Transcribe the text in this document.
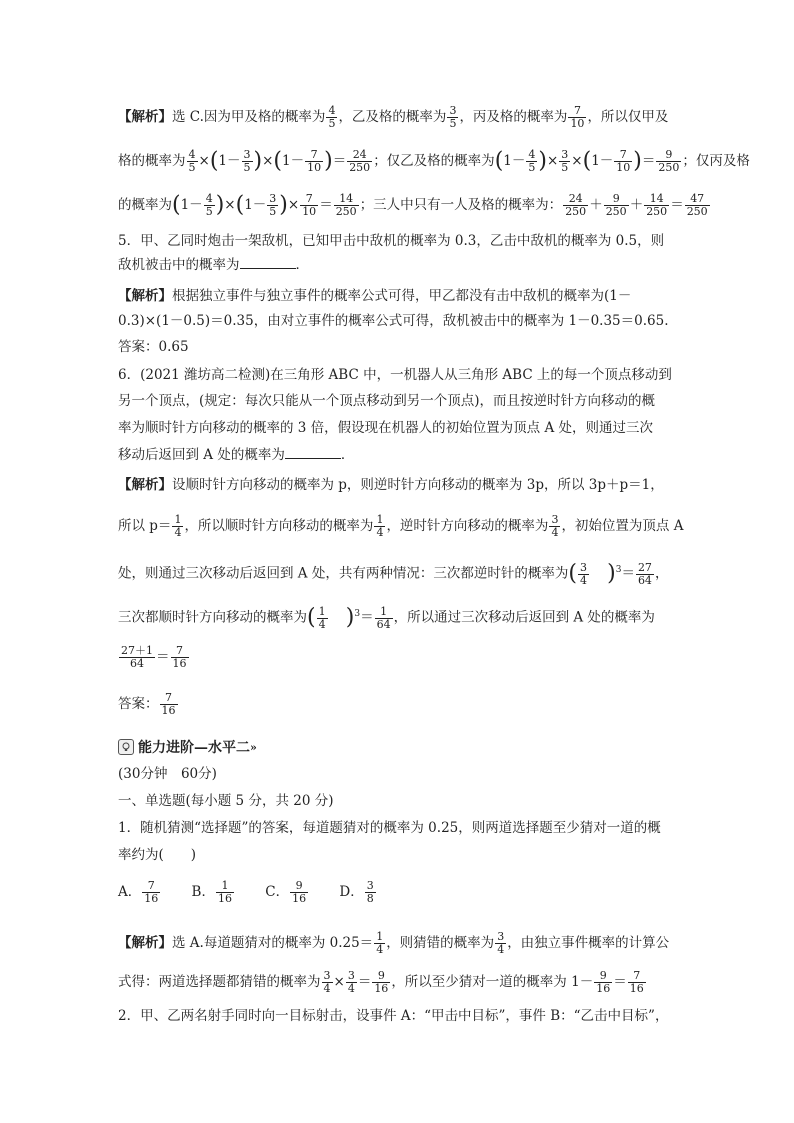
【解析】选 C.因为甲及格的概率为 $\frac{4}{5}$ ，乙及格的概率为 $\frac{3}{5}$ ，丙及格的概率为 $\frac{7}{10}$ ，所以仅甲及
格的概率为 $\frac{4}{5} \times(1- \frac{3}{5} )\times(1- \frac{7}{10}$ )＝ $\frac{24}{250}$ ；仅乙及格的概率为($1- \frac{4}{5}$ )× $\frac{3}{5} \times(1- \frac{7}{10}$ )＝ $\frac{9}{250}$ ；仅丙及格
的概率为$(1- \frac{4}{5} )\times(1- \frac{3}{5}$ )× $\frac{7}{10} = \frac{14}{250}$ ；三人中只有一人及格的概率为： $\frac{24}{250} + \frac{9}{250} + \frac{14}{250} = \frac{47}{250}$
5．甲、乙同时炮击一架敌机，已知甲击中敌机的概率为 0.3，乙击中敌机的概率为 0.5，则
敌机被击中的概率为	．
【解析】根据独立事件与独立事件的概率公式可得，甲乙都没有击中敌机的概率为(1－
0.3)×(1－0.5)＝0.35，由对立事件的概率公式可得，敌机被击中的概率为 1－0.35＝0.65.
答案：0.65
6．(2021 潍坊高二检测)在三角形 ABC 中，一机器人从三角形 ABC 上的每一个顶点移动到
另一个顶点，(规定：每次只能从一个顶点移动到另一个顶点)，而且按逆时针方向移动的概
率为顺时针方向移动的概率的 3 倍，假设现在机器人的初始位置为顶点 A 处，则通过三次
移动后返回到 A 处的概率为	．
【解析】设顺时针方向移动的概率为 p，则逆时针方向移动的概率为 3p，所以 3p＋p＝1，
所以 $p= \frac{1}{4}$ ，所以顺时针方向移动的概率为 $\frac{1}{4}$ ，逆时针方向移动的概率为 $\frac{3}{4}$ ，初始位置为顶点 A
处，则通过三次移动后返回到 A 处，共有两种情况：三次都逆时针的概率为( $\frac{3}{4} )^3= \frac{27}{64}$ ，
三次都顺时针方向移动的概率为( $\frac{1}{4} )^3= \frac{1}{64}$ ，所以通过三次移动后返回到 A 处的概率为
$\frac{27+1}{64} = \frac{7}{16}$
答案： $\frac{7}{16}$
能力进阶—水平二 »
(30分钟　60分)
一、单选题(每小题 5 分，共 20 分)
1．随机猜测“选择题”的答案，每道题猜对的概率为 0.25，则两道选择题至少猜对一道的概
率约为(　　)
A． $\frac{7}{16}$ B． $\frac{1}{16}$ C． $\frac{9}{16}$ D． $\frac{3}{8}$
【解析】选 A.每道题猜对的概率为 $0.25= \frac{1}{4}$ ，则猜错的概率为 $\frac{3}{4}$ ，由独立事件概率的计算公
式得：两道选择题都猜错的概率为 $\frac{3}{4} \times \frac{3}{4} = \frac{9}{16}$ ，所以至少猜对一道的概率为 $1- \frac{9}{16} = \frac{7}{16}$
2．甲、乙两名射手同时向一目标射击，设事件 A：“甲击中目标”，事件 B：“乙击中目标”，
